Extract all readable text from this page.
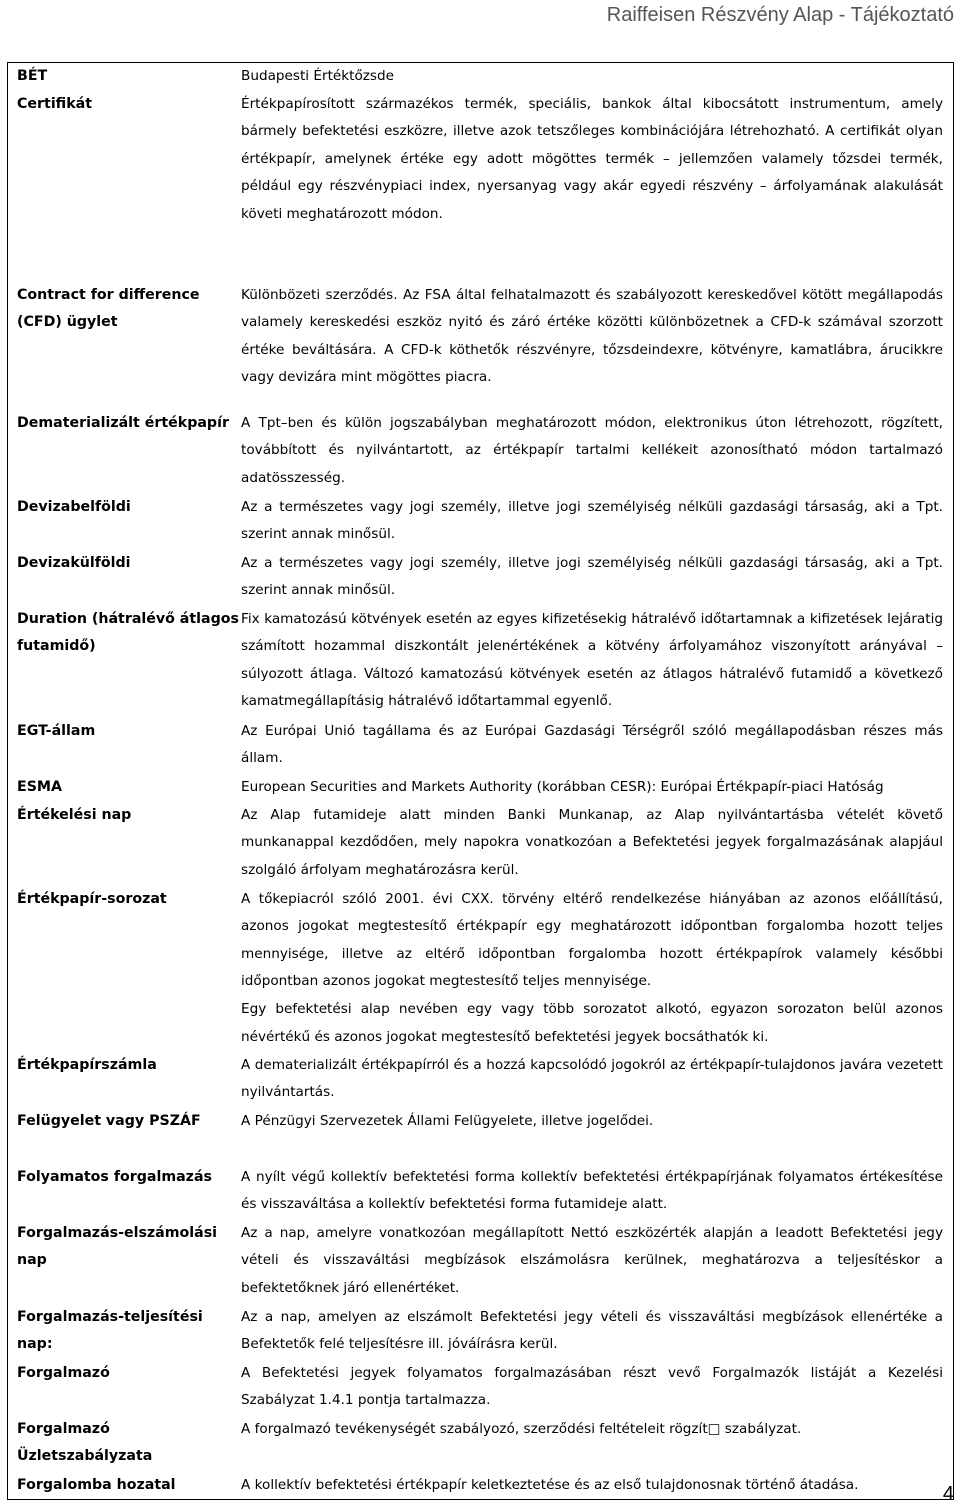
Raiffeisen Részvény Alap - Tájékoztató
BÉT	Budapesti Értéktőzsde
Certifikát	Értékpapírosított származékos termék, speciális, bankok által kibocsátott instrumentum, amely bármely befektetési eszközre, illetve azok tetszőleges kombinációjára létrehozható. A certifikát olyan értékpapír, amelynek értéke egy adott mögöttes termék – jellemzően valamely tőzsdei termék, például egy részvénypiaci index, nyersanyag vagy akár egyedi részvény – árfolyamának alakulását követi meghatározott módon.
Contract for difference (CFD) ügylet	Különbözeti szerződés. Az FSA által felhatalmazott és szabályozott kereskedővel kötött megállapodás valamely kereskedési eszköz nyitó és záró értéke közötti különbözetnek a CFD-k számával szorzott értéke beváltására. A CFD-k köthetők részvényre, tőzsdeindexre, kötvényre, kamatlábra, árucikkre vagy devizára mint mögöttes piacra.
Dematerializált értékpapír	A Tpt–ben és külön jogszabályban meghatározott módon, elektronikus úton létrehozott, rögzített, továbbított és nyilvántartott, az értékpapír tartalmi kellékeit azonosítható módon tartalmazó adatösszesség.
Devizabelföldi	Az a természetes vagy jogi személy, illetve jogi személyiség nélküli gazdasági társaság, aki a Tpt. szerint annak minősül.
Devizakülföldi	Az a természetes vagy jogi személy, illetve jogi személyiség nélküli gazdasági társaság, aki a Tpt. szerint annak minősül.
Duration (hátralévő átlagos futamidő)	Fix kamatozású kötvények esetén az egyes kifizetésekig hátralévő időtartamnak a kifizetések lejáratig számított hozammal diszkontált jelenértékének a kötvény árfolyamához viszonyított arányával – súlyozott átlaga. Változó kamatozású kötvények esetén az átlagos hátralévő futamidő a következő kamatmegállapításig hátralévő időtartammal egyenlő.
EGT-állam	Az Európai Unió tagállama és az Európai Gazdasági Térségről szóló megállapodásban részes más állam.
ESMA	European Securities and Markets Authority (korábban CESR): Európai Értékpapír-piaci Hatóság
Értékelési nap	Az Alap futamideje alatt minden Banki Munkanap, az Alap nyilvántartásba vételét követő munkanappal kezdődően, mely napokra vonatkozóan a Befektetési jegyek forgalmazásának alapjául szolgáló árfolyam meghatározásra kerül.
Értékpapír-sorozat	A tőkepiacról szóló 2001. évi CXX. törvény eltérő rendelkezése hiányában az azonos előállítású, azonos jogokat megtestesítő értékpapír egy meghatározott időpontban forgalomba hozott teljes mennyisége, illetve az eltérő időpontban forgalomba hozott értékpapírok valamely későbbi időpontban azonos jogokat megtestesítő teljes mennyisége.
Egy befektetési alap nevében egy vagy több sorozatot alkotó, egyazon sorozaton belül azonos névértékű és azonos jogokat megtestesítő befektetési jegyek bocsáthatók ki.

Értékpapírszámla	A dematerializált értékpapírról és a hozzá kapcsolódó jogokról az értékpapír-tulajdonos javára vezetett nyilvántartás.
Felügyelet vagy PSZÁF	A Pénzügyi Szervezetek Állami Felügyelete, illetve jogelődei.
Folyamatos forgalmazás	A nyílt végű kollektív befektetési forma kollektív befektetési értékpapírjának folyamatos értékesítése és visszaváltása a kollektív befektetési forma futamideje alatt.
Forgalmazás-elszámolási nap	Az a nap, amelyre vonatkozóan megállapított Nettó eszközérték alapján a leadott Befektetési jegy vételi és visszaváltási megbízások elszámolásra kerülnek, meghatározva a teljesítéskor a befektetőknek járó ellenértéket.
Forgalmazás-teljesítési nap:	Az a nap, amelyen az elszámolt Befektetési jegy vételi és visszaváltási megbízások ellenértéke a Befektetők felé teljesítésre ill. jóváírásra kerül.
Forgalmazó	A Befektetési jegyek folyamatos forgalmazásában részt vevő Forgalmazók listáját a Kezelési Szabályzat 1.4.1 pontja tartalmazza.
Forgalmazó Üzletszabályzata	A forgalmazó tevékenységét szabályozó, szerződési feltételeit rögzít□ szabályzat.
Forgalomba hozatal	A kollektív befektetési értékpapír keletkeztetése és az első tulajdonosnak történő átadása.	4
